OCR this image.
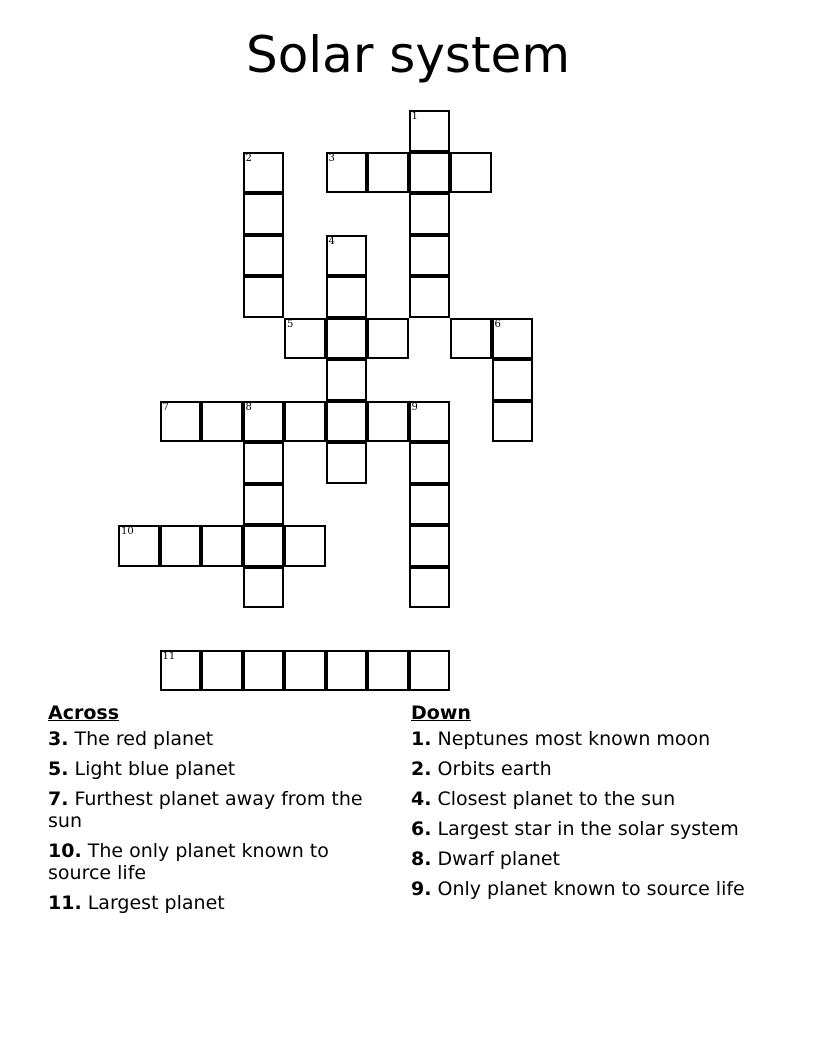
Solar system
1
2	3
4
5	6
7	8	9
10
11
Across
3. The red planet
5. Light blue planet
7. Furthest planet away from the sun
10. The only planet known to source life
11. Largest planet
Down
1. Neptunes most known moon
2. Orbits earth
4. Closest planet to the sun
6. Largest star in the solar system
8. Dwarf planet
9. Only planet known to source life
